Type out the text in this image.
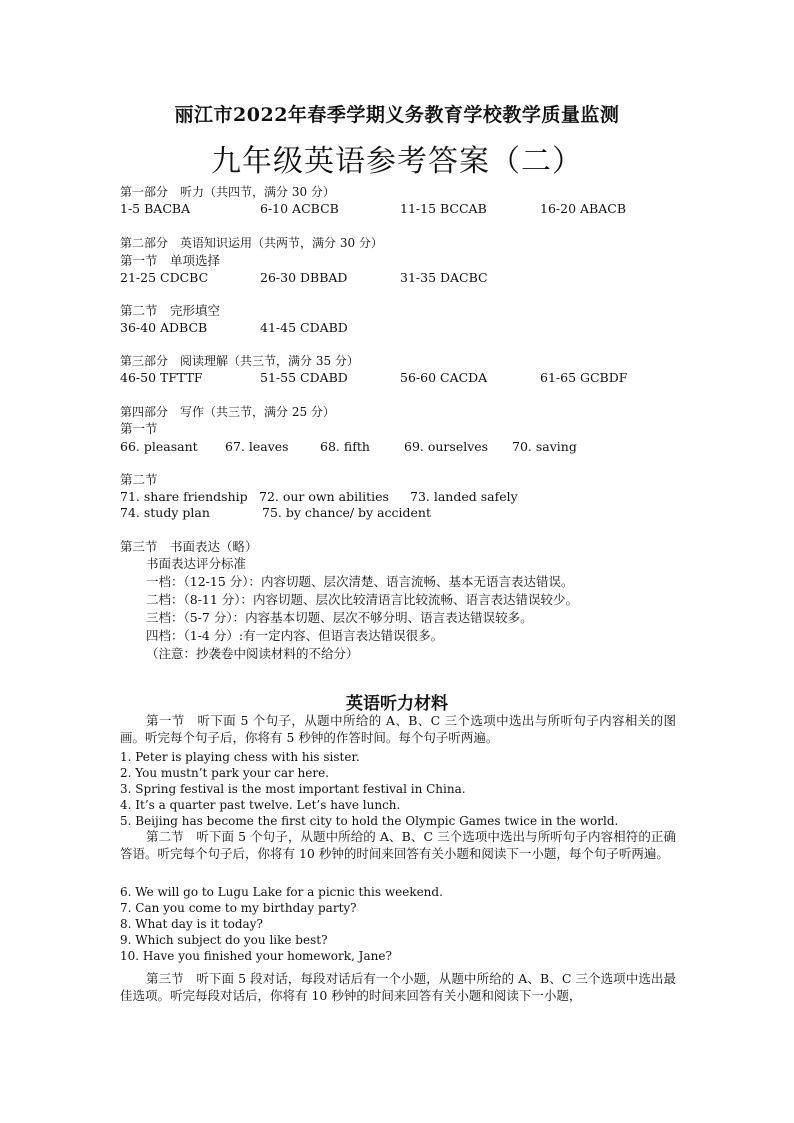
丽江市2022年春季学期义务教育学校教学质量监测
九年级英语参考答案（二）
第一部分　听力（共四节，满分 30 分）
1-5 BACBA	6-10 ACBCB	11-15 BCCAB	16-20 ABACB
第二部分　英语知识运用（共两节，满分 30 分）
第一节　单项选择
21-25 CDCBC	26-30 DBBAD	31-35 DACBC
第二节　完形填空
36-40 ADBCB	41-45 CDABD
第三部分　阅读理解（共三节，满分 35 分）
46-50 TFTTF	51-55 CDABD	56-60 CACDA	61-65 GCBDF
第四部分　写作（共三节，满分 25 分）
第一节
66. pleasant 67. leaves	68. fifth	69. ourselves 70. saving
第二节
71. share friendship 72. our own abilities 73. landed safely
74. study plan	75. by chance/ by accident
第三节　书面表达（略）
书面表达评分标准
一档：（12-15 分）：内容切题、层次清楚、语言流畅、基本无语言表达错误。
二档：（8-11 分）：内容切题、层次比较清语言比较流畅、语言表达错误较少。
三档：（5-7 分）：内容基本切题、层次不够分明、语言表达错误较多。
四档：（1-4 分）:有一定内容、但语言表达错误很多。
（注意：抄袭卷中阅读材料的不给分）
英语听力材料
第一节　听下面 5 个句子，从题中所给的 A、B、C 三个选项中选出与所听句子内容相关的图画。听完每个句子后，你将有 5 秒钟的作答时间。每个句子听两遍。
1. Peter is playing chess with his sister.
2. You mustn’t park your car here.
3. Spring festival is the most important festival in China.
4. It’s a quarter past twelve. Let’s have lunch.
5. Beijing has become the first city to hold the Olympic Games twice in the world.
第二节　听下面 5 个句子，从题中所给的 A、B、C 三个选项中选出与所听句子内容相符的正确答语。听完每个句子后，你将有 10 秒钟的时间来回答有关小题和阅读下一小题，每个句子听两遍。
6. We will go to Lugu Lake for a picnic this weekend.
7. Can you come to my birthday party?
8. What day is it today?
9. Which subject do you like best?
10. Have you finished your homework, Jane?
第三节　听下面 5 段对话，每段对话后有一个小题，从题中所给的 A、B、C 三个选项中选出最佳选项。听完每段对话后，你将有 10 秒钟的时间来回答有关小题和阅读下一小题，
